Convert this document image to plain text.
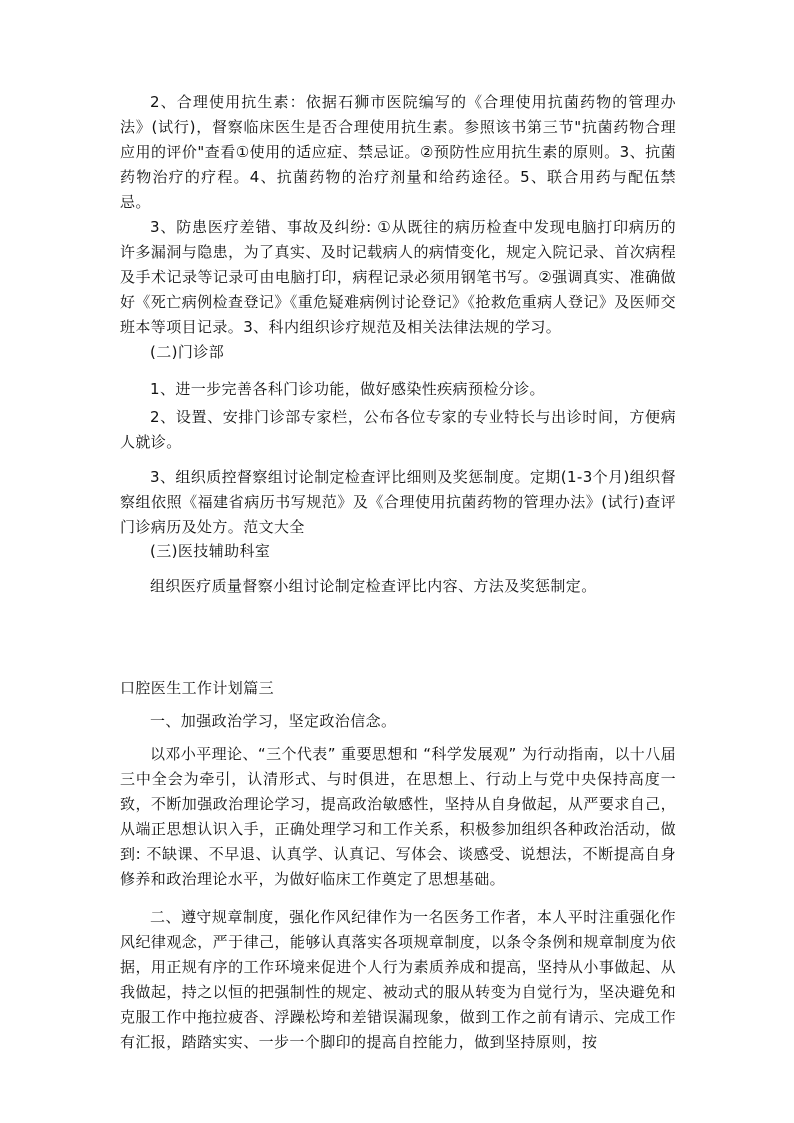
2、合理使用抗生素：依据石狮市医院编写的《合理使用抗菌药物的管理办法》(试行)，督察临床医生是否合理使用抗生素。参照该书第三节"抗菌药物合理应用的评价"查看①使用的适应症、禁忌证。②预防性应用抗生素的原则。3、抗菌药物治疗的疗程。4、抗菌药物的治疗剂量和给药途径。5、联合用药与配伍禁忌。

3、防患医疗差错、事故及纠纷: ①从既往的病历检查中发现电脑打印病历的许多漏洞与隐患，为了真实、及时记载病人的病情变化，规定入院记录、首次病程及手术记录等记录可由电脑打印，病程记录必须用钢笔书写。②强调真实、准确做好《死亡病例检查登记》《重危疑难病例讨论登记》《抢救危重病人登记》及医师交班本等项目记录。3、科内组织诊疗规范及相关法律法规的学习。

(二)门诊部

1、进一步完善各科门诊功能，做好感染性疾病预检分诊。

2、设置、安排门诊部专家栏，公布各位专家的专业特长与出诊时间，方便病人就诊。

3、组织质控督察组讨论制定检查评比细则及奖惩制度。定期(1-3个月)组织督察组依照《福建省病历书写规范》及《合理使用抗菌药物的管理办法》(试行)查评门诊病历及处方。范文大全

(三)医技辅助科室

组织医疗质量督察小组讨论制定检查评比内容、方法及奖惩制定。

口腔医生工作计划篇三

一、加强政治学习，坚定政治信念。

以邓小平理论、“三个代表” 重要思想和 “科学发展观” 为行动指南，以十八届三中全会为牵引，认清形式、与时俱进，在思想上、行动上与党中央保持高度一致，不断加强政治理论学习，提高政治敏感性，坚持从自身做起，从严要求自己，从端正思想认识入手，正确处理学习和工作关系，积极参加组织各种政治活动，做到: 不缺课、不早退、认真学、认真记、写体会、谈感受、说想法，不断提高自身修养和政治理论水平，为做好临床工作奠定了思想基础。

二、遵守规章制度，强化作风纪律作为一名医务工作者，本人平时注重强化作风纪律观念，严于律己，能够认真落实各项规章制度，以条令条例和规章制度为依据，用正规有序的工作环境来促进个人行为素质养成和提高，坚持从小事做起、从我做起，持之以恒的把强制性的规定、被动式的服从转变为自觉行为，坚决避免和克服工作中拖拉疲沓、浮躁松垮和差错误漏现象，做到工作之前有请示、完成工作有汇报，踏踏实实、一步一个脚印的提高自控能力，做到坚持原则，按
